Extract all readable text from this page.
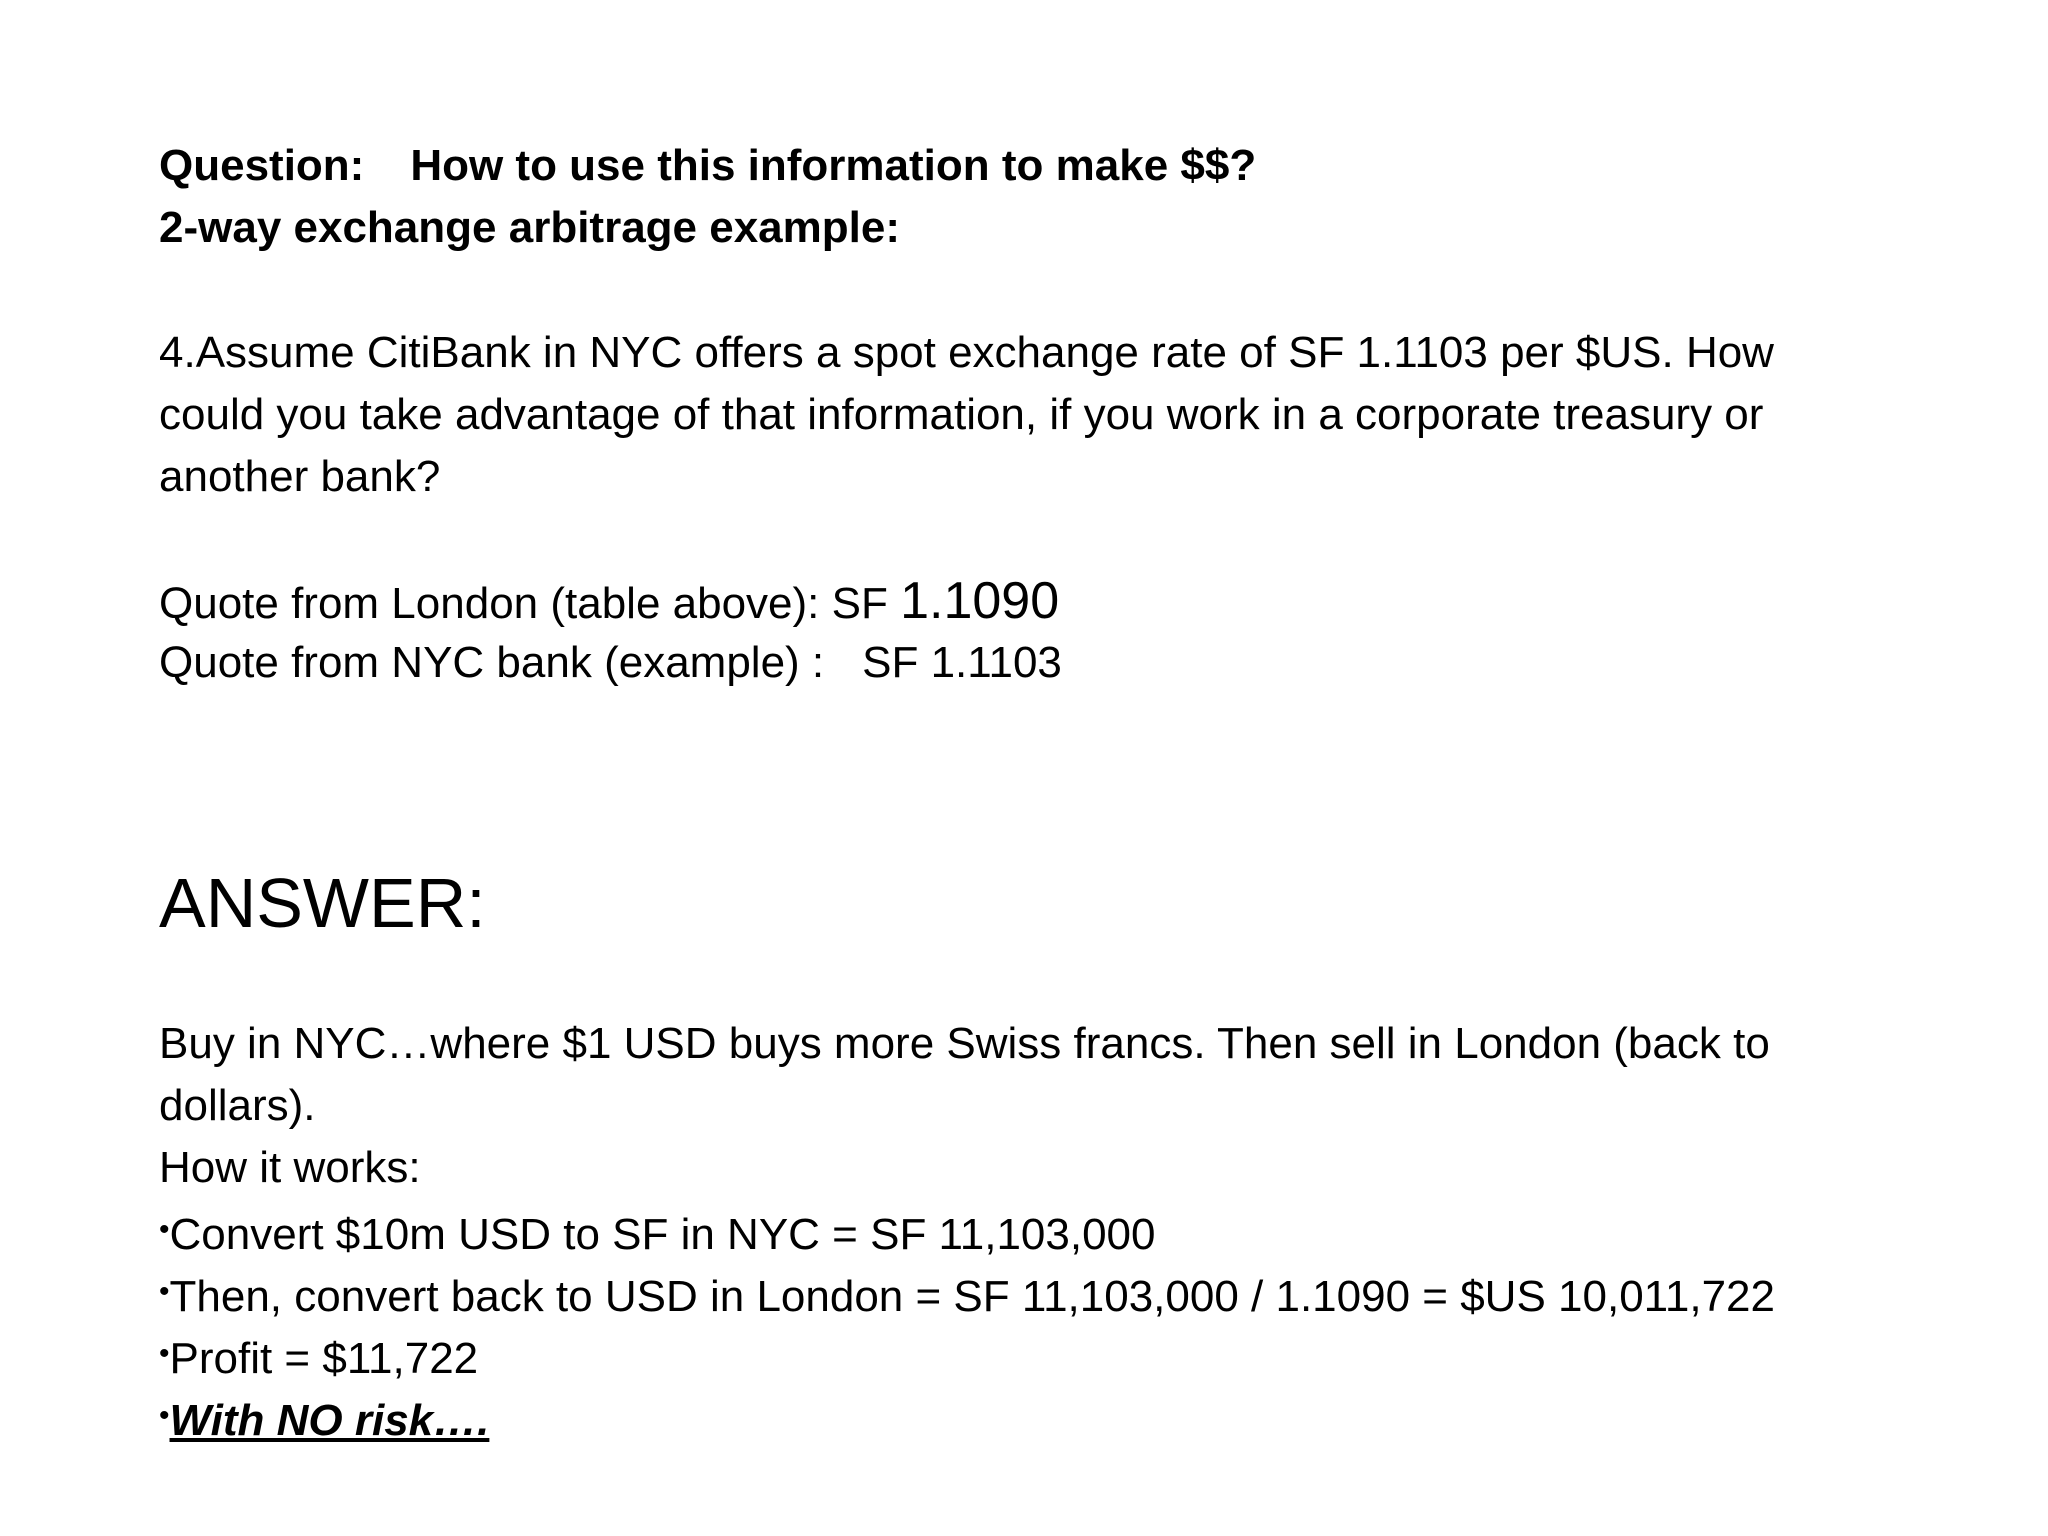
Question: How to use this information to make $$?
2-way exchange arbitrage example:
4.Assume CitiBank in NYC offers a spot exchange rate of SF 1.1103 per $US. How
could you take advantage of that information, if you work in a corporate treasury or
another bank?
Quote from London (table above): SF 1.1090
Quote from NYC bank (example) : SF 1.1103
ANSWER:
Buy in NYC…where $1 USD buys more Swiss francs. Then sell in London (back to
dollars).
How it works:
•Convert $10m USD to SF in NYC = SF 11,103,000
•Then, convert back to USD in London = SF 11,103,000 / 1.1090 = $US 10,011,722
•Profit = $11,722
•With NO risk….
